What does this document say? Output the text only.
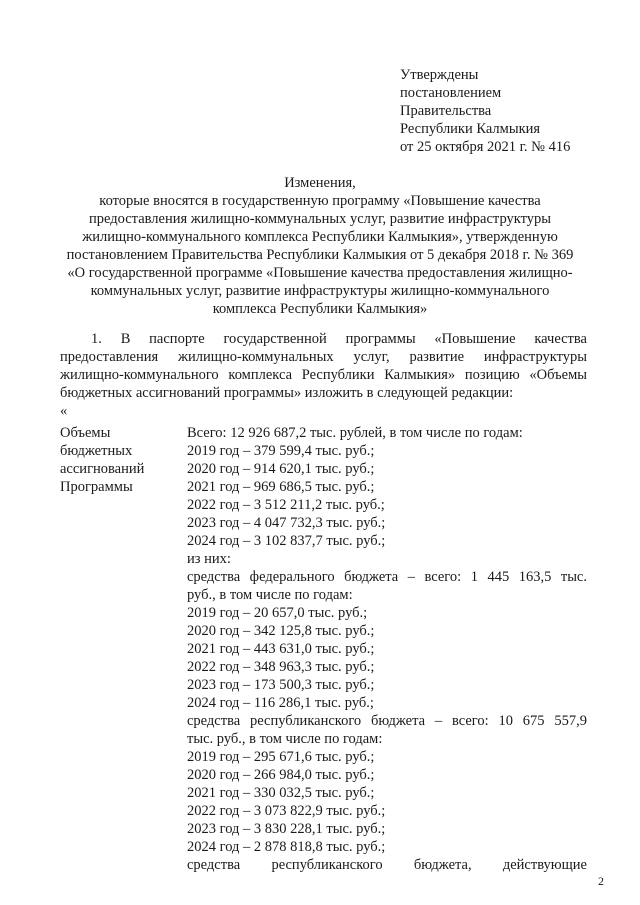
Утверждены
постановлением
Правительства
Республики Калмыкия
от 25 октября 2021 г. № 416
Изменения,
которые вносятся в государственную программу «Повышение качества
предоставления жилищно-коммунальных услуг, развитие инфраструктуры
жилищно-коммунального комплекса Республики Калмыкия», утвержденную
постановлением Правительства Республики Калмыкия от 5 декабря 2018 г. № 369
«О государственной программе «Повышение качества предоставления жилищно-
коммунальных услуг, развитие инфраструктуры жилищно-коммунального
комплекса Республики Калмыкия»
1. В паспорте государственной программы «Повышение качества
предоставления жилищно-коммунальных услуг, развитие инфраструктуры
жилищно-коммунального комплекса Республики Калмыкия» позицию «Объемы
бюджетных ассигнований программы» изложить в следующей редакции:
«
Объемы
бюджетных
ассигнований
Программы
Всего: 12 926 687,2 тыс. рублей, в том числе по годам:
2019 год – 379 599,4 тыс. руб.;
2020 год – 914 620,1 тыс. руб.;
2021 год – 969 686,5 тыс. руб.;
2022 год – 3 512 211,2 тыс. руб.;
2023 год – 4 047 732,3 тыс. руб.;
2024 год – 3 102 837,7 тыс. руб.;
из них:
средства федерального бюджета – всего: 1 445 163,5 тыс.
руб., в том числе по годам:
2019 год – 20 657,0 тыс. руб.;
2020 год – 342 125,8 тыс. руб.;
2021 год – 443 631,0 тыс. руб.;
2022 год – 348 963,3 тыс. руб.;
2023 год – 173 500,3 тыс. руб.;
2024 год – 116 286,1 тыс. руб.;
средства республиканского бюджета – всего: 10 675 557,9
тыс. руб., в том числе по годам:
2019 год – 295 671,6 тыс. руб.;
2020 год – 266 984,0 тыс. руб.;
2021 год – 330 032,5 тыс. руб.;
2022 год – 3 073 822,9 тыс. руб.;
2023 год – 3 830 228,1 тыс. руб.;
2024 год – 2 878 818,8 тыс. руб.;
средства республиканского бюджета, действующие
2
